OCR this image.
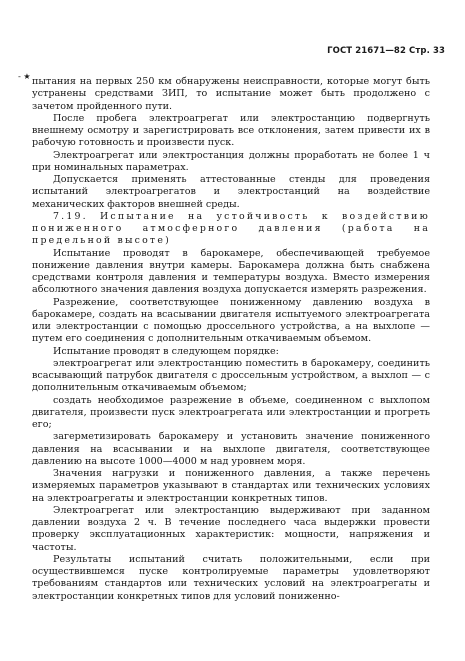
ГОСТ 21671—82 Стр. 33
- ★ пытания на первых 250 км обнаружены неисправности, которые могут быть устранены средствами ЗИП, то испытание может быть продолжено с зачетом пройденного пути.

После пробега электроагрегат или электростанцию подвергнуть внешнему осмотру и зарегистрировать все отклонения, затем привести их в рабочую готовность и произвести пуск.

Электроагрегат или электростанция должны проработать не более 1 ч при номинальных параметрах.

Допускается применять аттестованные стенды для проведения испытаний электроагрегатов и электростанций на воздействие механических факторов внешней среды.

7.19. Испытание на устойчивость к воздействию пониженного атмосферного давления (работа на предельной высоте)

Испытание проводят в барокамере, обеспечивающей требуемое понижение давления внутри камеры. Барокамера должна быть снабжена средствами контроля давления и температуры воздуха. Вместо измерения абсолютного значения давления воздуха допускается измерять разрежения.

Разрежение, соответствующее пониженному давлению воздуха в барокамере, создать на всасывании двигателя испытуемого электроагрегата или электростанции с помощью дроссельного устройства, а на выхлопе — путем его соединения с дополнительным откачиваемым объемом.

Испытание проводят в следующем порядке:

электроагрегат или электростанцию поместить в барокамеру, соединить всасывающий патрубок двигателя с дроссельным устройством, а выхлоп — с дополнительным откачиваемым объемом;

создать необходимое разрежение в объеме, соединенном с выхлопом двигателя, произвести пуск электроагрегата или электростанции и прогреть его;

загерметизировать барокамеру и установить значение пониженного давления на всасывании и на выхлопе двигателя, соответствующее давлению на высоте 1000—4000 м над уровнем моря.

Значения нагрузки и пониженного давления, а также перечень измеряемых параметров указывают в стандартах или технических условиях на электроагрегаты и электростанции конкретных типов.

Электроагрегат или электростанцию выдерживают при заданном давлении воздуха 2 ч. В течение последнего часа выдержки провести проверку эксплуатационных характеристик: мощности, напряжения и частоты.

Результаты испытаний считать положительными, если при осуществившемся пуске контролируемые параметры удовлетворяют требованиям стандартов или технических условий на электроагрегаты и электростанции конкретных типов для условий пониженно-
